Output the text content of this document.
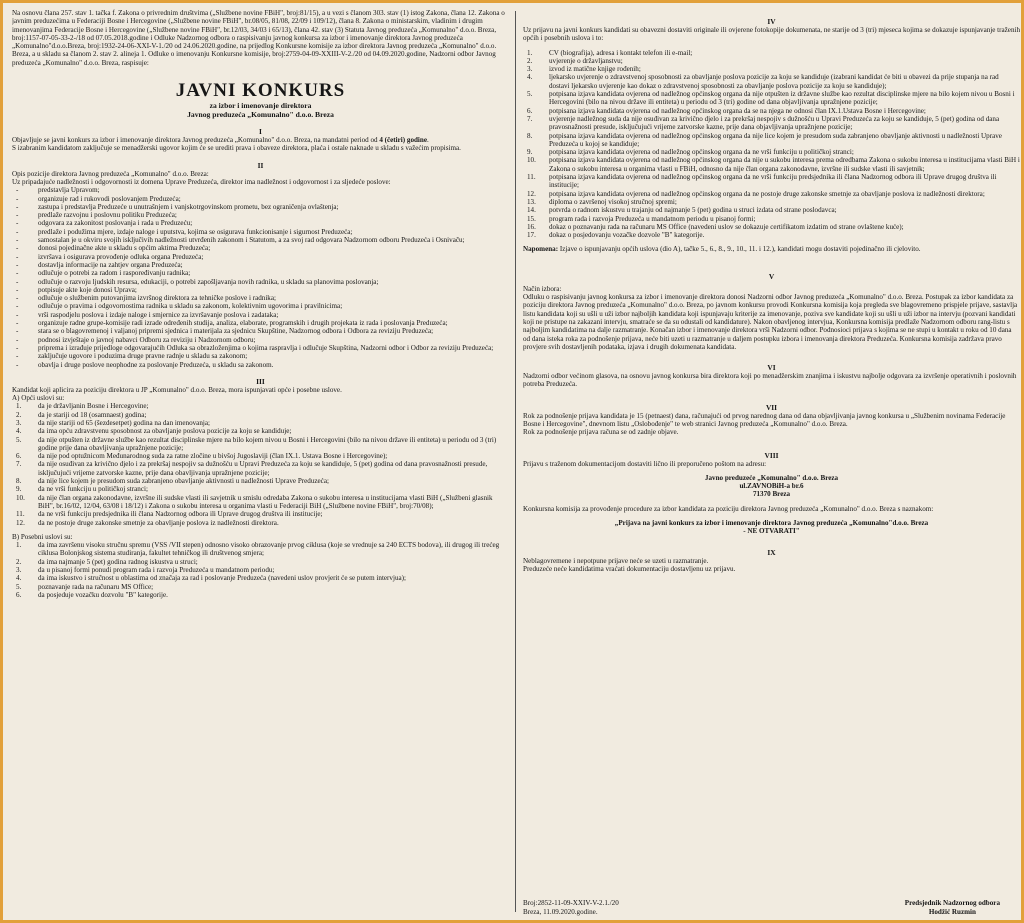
Na osnovu člana 257. stav 1. tačka f. Zakona o privrednim društvima („Službene novine FBiH", broj:81/15), a u vezi s članom 303. stav (1) istog Zakona, člana 12. Zakona o javnim preduzećima u Federaciji Bosne i Hercegovine („Službene novine FBiH", br.08/05, 81/08, 22/09 i 109/12), člana 8. Zakona o ministarskim, vladinim i drugim imenovanjima Federacije Bosne i Hercegovine („Službene novine FBiH", br.12/03, 34/03 i 65/13), člana 42. stav (3) Statuta Javnog preduzeća „Komunalno" d.o.o. Breza, broj:1157-07-05-33-2-/18 od 07.05.2018.godine i Odluke Nadzornog odbora o raspisivanju javnog konkursa za izbor i imenovanje direktora Javnog preduzeća „Komunalno"d.o.o.Breza, broj:1932-24-06-XXI-V-1./20 od 24.06.2020.godine, na prijedlog Konkursne komisije za izbor direktora Javnog preduzeća „Komunalno" d.o.o. Breza, a u skladu sa članom 2. stav 2. alineja 1. Odluke o imenovanju Konkursne komisije, broj:2759-04-09-XXIII-V-2./20 od 04.09.2020.godine, Nadzorni odbor Javnog preduzeća „Komunalno" d.o.o. Breza, raspisuje:

JAVNI KONKURS
za izbor i imenovanje direktora
Javnog preduzeća „Komunalno" d.o.o. Breza
I

Objavljuje se javni konkurs za izbor i imenovanje direktora Javnog preduzeća „Komunalno" d.o.o. Breza, na mandatni period od 4 (četiri) godine.

S izabranim kandidatom zaključuje se menadžerski ugovor kojim će se urediti prava i obaveze direktora, plaća i ostale naknade u skladu s važećim propisima.

II

Opis pozicije direktora Javnog preduzeća „Komunalno" d.o.o. Breza:

Uz pripadajuće nadležnosti i odgovornosti iz domena Uprave Preduzeća, direktor ima nadležnost i odgovornost i za sljedeće poslove:

- predstavlja Upravom;
- organizuje rad i rukovodi poslovanjem Preduzeća;
- zastupa i predstavlja Preduzeće u unutrašnjem i vanjskotrgovinskom prometu, bez ograničenja ovlaštenja;
- predlaže razvojnu i poslovnu politiku Preduzeća;
- odgovara za zakonitost poslovanja i rada u Preduzeću;
- predlaže i podužima mjere, izdaje naloge i uputstva, kojima se osigurava funkcionisanje i sigurnost Preduzeća;
- samostalan je u okviru svojih isključivih nadležnosti utvrđenih zakonom i Statutom, a za svoj rad odgovara Nadzornom odboru Preduzeća i Osnivaču;
- donosi pojedinačne akte u skladu s općim aktima Preduzeća;
- izvršava i osigurava provođenje odluka organa Preduzeća;
- dostavlja informacije na zahtjev organa Preduzeća;
- odlučuje o potrebi za radom i raspoređivanju radnika;
- odlučuje o razvoju ljudskih resursa, edukaciji, o potrebi zapošljavanja novih radnika, u skladu sa planovima poslovanja;
- potpisuje akte koje donosi Uprava;
- odlučuje o službenim putovanjima izvršnog direktora za tehničke poslove i radnika;
- odlučuje o pravima i odgovornostima radnika u skladu sa zakonom, kolektivnim ugovorima i pravilnicima;
- vrši raspodjelu poslova i izdaje naloge i smjernice za izvršavanje poslova i zadataka;
- organizuje radne grupe-komisije radi izrade određenih studija, analiza, elaborate, programskih i drugih projekata iz rada i poslovanja Preduzeća;
- stara se o blagovremenoj i valjanoj pripremi sjednica i materijala za sjednicu Skupštine, Nadzornog odbora i Odbora za reviziju Preduzeća;
- podnosi izvještaje o javnoj nabavci Odboru za reviziju i Nadzornom odboru;
- priprema i izrađuje prijedloge odgovarajućih Odluka sa obrazloženjima o kojima raspravlja i odlučuje Skupština, Nadzorni odbor i Odbor za reviziju Preduzeća;
- zaključuje ugovore i poduzima druge pravne radnje u skladu sa zakonom;
- obavlja i druge poslove neophodne za poslovanje Preduzeća, u skladu sa zakonom.
III

Kandidat koji aplicira za poziciju direktora u JP „Komunalno" d.o.o. Breza, mora ispunjavati opće i posebne uslove.

A) Opći uslovi su:

1.	da je državljanin Bosne i Hercegovine;
2.	da je stariji od 18 (osamnaest) godina;
3.	da nije stariji od 65 (šezdesetpet) godina na dan imenovanja;
4.	da ima opću zdravstvenu sposobnost za obavljanje poslova pozicije za koju se kandiduje;
5.	da nije otpušten iz državne službe kao rezultat disciplinske mjere na bilo kojem nivou u Bosni i Hercegovini (bilo na nivou države ili entiteta) u periodu od 3 (tri) godine prije dana obavljivanja upražnjene pozicije;
6.	da nije pod optužnicom Međunarodnog suda za ratne zločine u bivšoj Jugoslaviji (član IX.1. Ustava Bosne i Hercegovine);
7.	da nije osuđivan za krivično djelo i za prekršaj nespojiv sa dužnošću u Upravi Preduzeća za koju se kandiduje, 5 (pet) godina od dana pravosnažnosti presude, isključujući vrijeme zatvorske kazne, prije dana obavljivanja upražnjene pozicije;
8.	da nije lice kojem je presudom suda zabranjeno obavljanje aktivnosti u nadležnosti Uprave Preduzeća;
9.	da ne vrši funkciju u političkoj stranci;
10.	da nije član organa zakonodavne, izvršne ili sudske vlasti ili savjetnik u smislu odredaba Zakona o sukobu interesa u institucijama vlasti BiH („Službeni glasnik BiH", br.16/02, 12/04, 63/08 i 18/12) i Zakona o sukobu interesa u organima vlasti u Federaciji BiH („Službene novine FBiH", broj:70/08);
11.	da ne vrši funkciju predsjednika ili člana Nadzornog odbora ili Uprave drugog društva ili institucije;
12.	da ne postoje druge zakonske smetnje za obavljanje poslova iz nadležnosti direktora.

B) Posebni uslovi su:

1.	da ima završenu visoku stručnu spremu (VSS /VII stepen) odnosno visoko obrazovanje prvog ciklusa (koje se vrednuje sa 240 ECTS bodova), ili drugog ili trećeg ciklusa Bolonjskog sistema studiranja, fakultet tehničkog ili društvenog smjera;
2.	da ima najmanje 5 (pet) godina radnog iskustva u struci;
3.	da u pisanoj formi ponudi program rada i razvoja Preduzeća u mandatnom periodu;
4.	da ima iskustvo i stručnost u oblastima od značaja za rad i poslovanje Preduzeća (navedeni uslov provjerit će se putem intervjua);
5.	poznavanje rada na računaru MS Office;
6.	da posjeduje vozačku dozvolu "B" kategorije.
IV

Uz prijavu na javni konkurs kandidati su obavezni dostaviti originale ili ovjerene fotokopije dokumenata, ne starije od 3 (tri) mjeseca kojima se dokazuje ispunjavanje traženih općih i posebnih uslova i to:

1.	CV (biografija), adresa i kontakt telefon ili e-mail;
2.	uvjerenje o državljanstvu;
3.	izvod iz matične knjige rođenih;
4.	ljekarsko uvjerenje o zdravstvenoj sposobnosti za obavljanje poslova pozicije za koju se kandiduje (izabrani kandidat će biti u obavezi da prije stupanja na rad dostavi ljekarsko uvjerenje kao dokaz o zdravstvenoj sposobnosti za obavljanje poslova pozicije za koju se kandiduje);
5.	potpisana izjava kandidata ovjerena od nadležnog općinskog organa da nije otpušten iz državne službe kao rezultat disciplinske mjere na bilo kojem nivou u Bosni i Hercegovini (bilo na nivou države ili entiteta) u periodu od 3 (tri) godine od dana objavljivanja upražnjene pozicije;
6.	potpisana izjava kandidata ovjerena od nadležnog općinskog organa da se na njega ne odnosi član IX.1.Ustava Bosne i Hercegovine;
7.	uvjerenje nadležnog suda da nije osuđivan za krivično djelo i za prekršaj nespojiv s dužnošću u Upravi Preduzeća za koju se kandiduje, 5 (pet) godina od dana pravosnažnosti presude, isključujući vrijeme zatvorske kazne, prije dana objavljivanja upražnjene pozicije;
8.	potpisana izjava kandidata ovjerena od nadležnog općinskog organa da nije lice kojem je presudom suda zabranjeno obavljanje aktivnosti u nadležnosti Uprave Preduzeća u kojoj se kandiduje;
9.	potpisana izjava kandidata ovjerena od nadležnog općinskog organa da ne vrši funkciju u političkoj stranci;
10.	potpisana izjava kandidata ovjerena od nadležnog općinskog organa da nije u sukobu interesa prema odredbama Zakona o sukobu interesa u institucijama vlasti BiH i Zakona o sukobu interesa u organima vlasti u FBiH, odnosno da nije član organa zakonodavne, izvršne ili sudske vlasti ili savjetnik;
11.	potpisana izjava kandidata ovjerena od nadležnog općinskog organa da ne vrši funkciju predsjednika ili člana Nadzornog odbora ili Uprave drugog društva ili institucije;
12.	potpisana izjava kandidata ovjerena od nadležnog općinskog organa da ne postoje druge zakonske smetnje za obavljanje poslova iz nadležnosti direktora;
13.	diploma o završenoj visokoj stručnoj spremi;
14.	potvrda o radnom iskustvu u trajanju od najmanje 5 (pet) godina u struci izdata od strane poslodavca;
15.	program rada i razvoja Preduzeća u mandatnom periodu u pisanoj formi;
16.	dokaz o poznavanju rada na računaru MS Office (navedeni uslov se dokazuje certifikatom izdatim od strane ovlaštene kuće);
17.	dokaz o posjedovanju vozačke dozvole "B" kategorije.

Napomena: Izjave o ispunjavanju općih uslova (dio A), tačke 5., 6., 8., 9., 10., 11. i 12.), kandidati mogu dostaviti pojedinačno ili cjelovito.

V

Način izbora:

Odluku o raspisivanju javnog konkursa za izbor i imenovanje direktora donosi Nadzorni odbor Javnog preduzeća „Komunalno" d.o.o. Breza. Postupak za izbor kandidata za poziciju direktora Javnog preduzeća „Komunalno" d.o.o. Breza, po javnom konkursu provodi Konkursna komisija koja pregleda sve blagovremeno prispjele prijave, sastavlja listu kandidata koji su ušli u uži izbor najboljih kandidata koji ispunjavaju kriterije za imenovanje, poziva sve kandidate koji su ušli u uži izbor na intervju (pozvani kandidati koji ne pristupe na zakazani intervju, smatraće se da su odustali od kandidature). Nakon obavljenog intervjua, Konkursna komisija predlaže Nadzornom odboru rang-listu s najboljim kandidatima na dalje razmatranje. Konačan izbor i imenovanje direktora vrši Nadzorni odbor. Podnosioci prijava s kojima se ne stupi u kontakt u roku od 10 dana od dana isteka roka za podnošenje prijava, neće biti uzeti u razmatranje u daljem postupku izbora i imenovanja direktora Preduzeća. Konkursna komisija zadržava pravo provjere svih dostavljenih podataka, izjava i drugih dokumenata kandidata.

VI

Nadzorni odbor većinom glasova, na osnovu javnog konkursa bira direktora koji po menadžerskim znanjima i iskustvu najbolje odgovara za izvršenje operativnih i poslovnih potreba Preduzeća.

VII

Rok za podnošenje prijava kandidata je 15 (petnaest) dana, računajući od prvog narednog dana od dana objavljivanja javnog konkursa u „Službenim novinama Federacije Bosne i Hercegovine", dnevnom listu „Oslobođenje" te web stranici Javnog preduzeća „Komunalno" d.o.o. Breza.

Rok za podnošenje prijava računa se od zadnje objave.

VIII

Prijavu s traženom dokumentacijom dostaviti lično ili preporučeno poštom na adresu:

Javno preduzeće „Komunalno" d.o.o. Breza
ul.ZAVNOBiH-a br.6
71370 Breza

Konkursna komisija za provođenje procedure za izbor kandidata za poziciju direktora Javnog preduzeća „Komunalno" d.o.o. Breza s naznakom:

„Prijava na javni konkurs za izbor i imenovanje direktora Javnog preduzeća „Komunalno"d.o.o. Breza
- NE OTVARATI"
IX

Neblagovremene i nepotpune prijave neće se uzeti u razmatranje.

Preduzeće neće kandidatima vraćati dokumentaciju dostavljenu uz prijavu.

Broj:2852-11-09-XXIV-V-2.1./20
Breza, 11.09.2020.godine.
Predsjednik Nadzornog odbora
Hodžić Ruzmin
